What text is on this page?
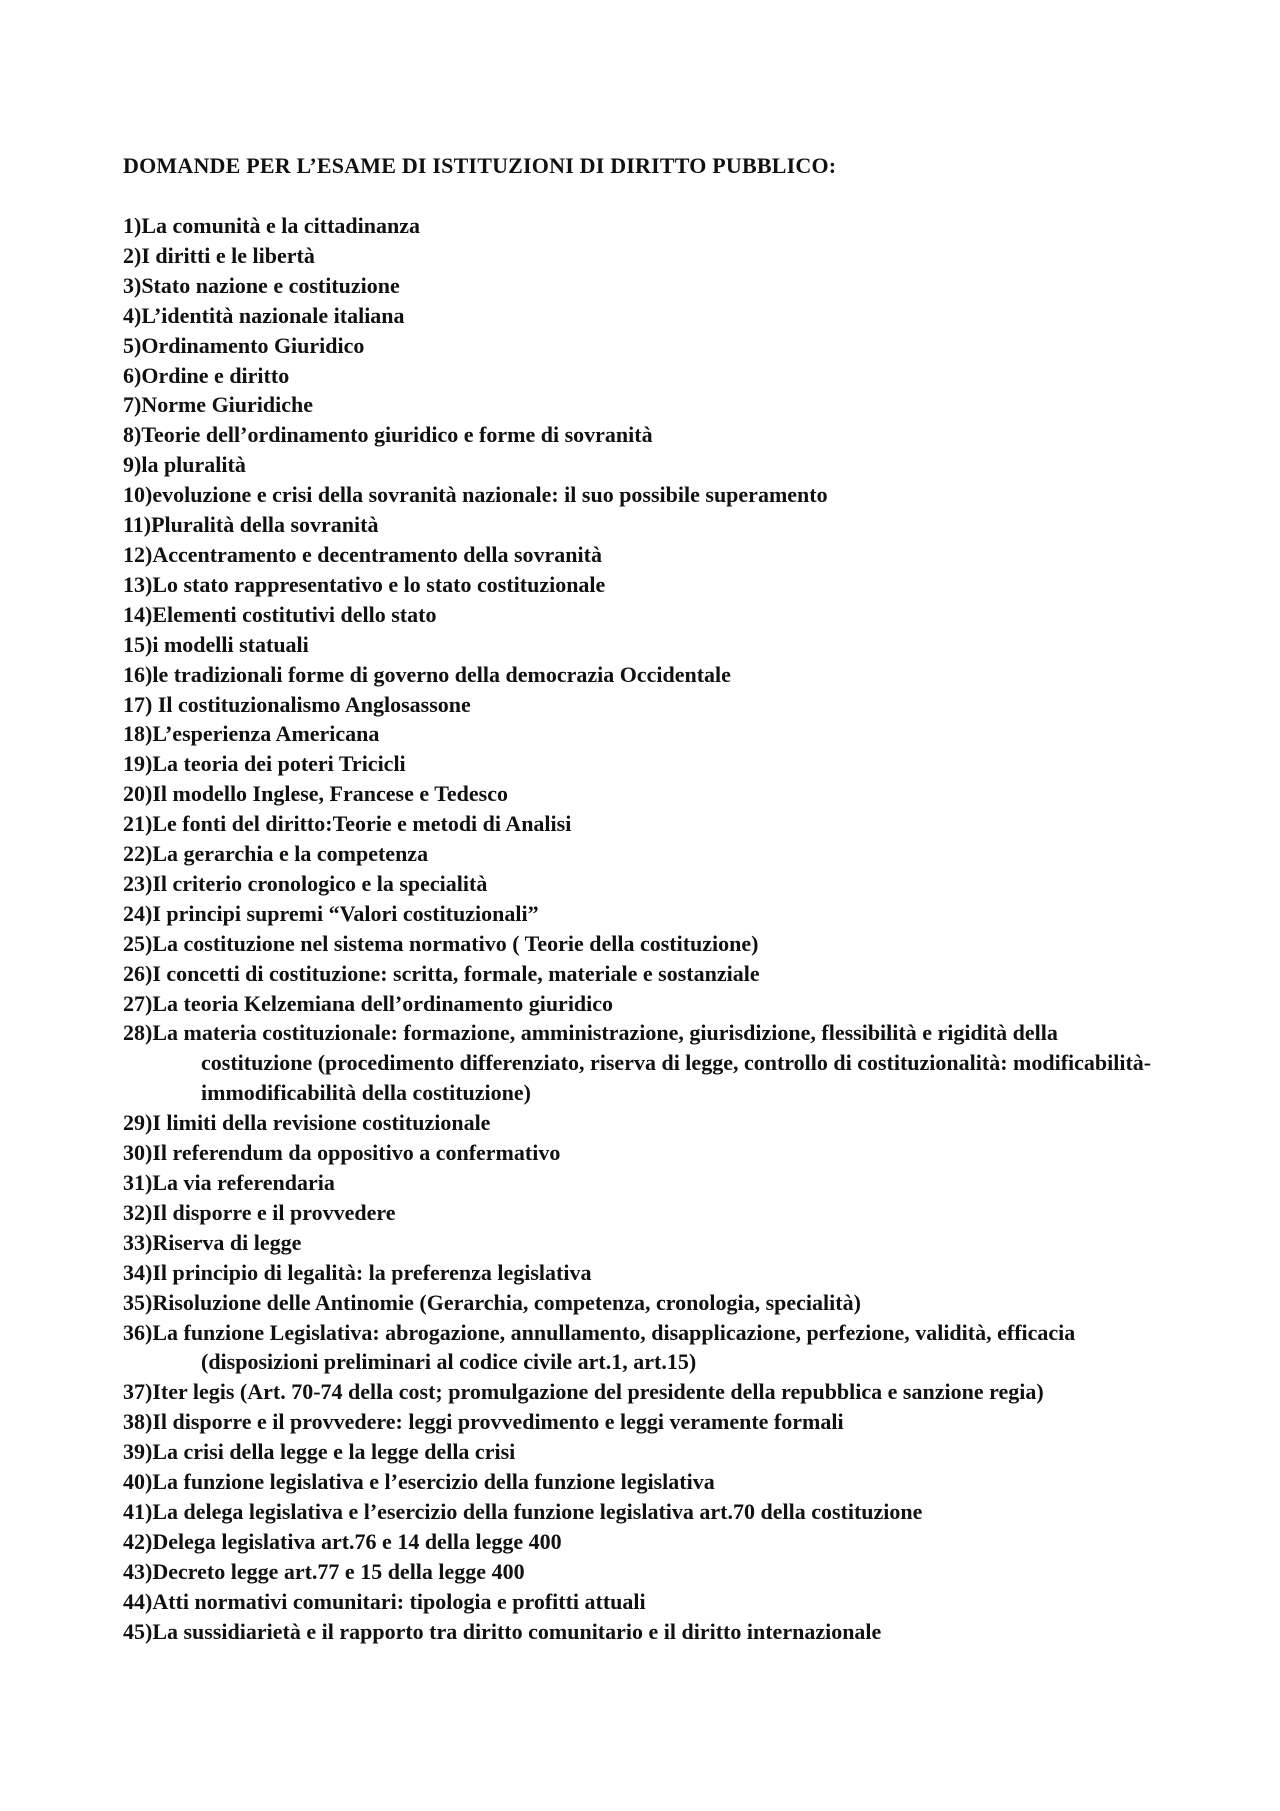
DOMANDE PER L’ESAME DI ISTITUZIONI DI DIRITTO PUBBLICO:
1)La comunità e la cittadinanza
2)I diritti e le libertà
3)Stato nazione e costituzione
4)L’identità nazionale italiana
5)Ordinamento Giuridico
6)Ordine e diritto
7)Norme Giuridiche
8)Teorie dell’ordinamento giuridico e forme di sovranità
9)la pluralità
10)evoluzione e crisi della sovranità nazionale: il suo possibile superamento
11)Pluralità della sovranità
12)Accentramento e decentramento della sovranità
13)Lo stato rappresentativo e lo stato costituzionale
14)Elementi costitutivi dello stato
15)i modelli statuali
16)le tradizionali forme di governo della democrazia Occidentale
17) Il costituzionalismo Anglosassone
18)L’esperienza Americana
19)La teoria dei poteri Tricicli
20)Il modello Inglese, Francese e Tedesco
21)Le fonti del diritto:Teorie e metodi di Analisi
22)La gerarchia e la competenza
23)Il criterio cronologico e la specialità
24)I principi supremi “Valori costituzionali”
25)La costituzione nel sistema normativo ( Teorie della costituzione)
26)I concetti di costituzione: scritta, formale, materiale e sostanziale
27)La teoria Kelzemiana dell’ordinamento giuridico
28)La materia costituzionale: formazione, amministrazione, giurisdizione, flessibilità e rigidità della costituzione (procedimento differenziato, riserva di legge, controllo di costituzionalità: modificabilità-immodificabilità della costituzione)
29)I limiti della revisione costituzionale
30)Il referendum da oppositivo a confermativo
31)La via referendaria
32)Il disporre e il provvedere
33)Riserva di legge
34)Il principio di legalità: la preferenza legislativa
35)Risoluzione delle Antinomie (Gerarchia, competenza, cronologia, specialità)
36)La funzione Legislativa: abrogazione, annullamento, disapplicazione, perfezione, validità, efficacia (disposizioni preliminari al codice civile art.1, art.15)
37)Iter legis (Art. 70-74 della cost; promulgazione del presidente della repubblica e sanzione regia)
38)Il disporre e il provvedere: leggi provvedimento e leggi veramente formali
39)La crisi della legge e la legge della crisi
40)La funzione legislativa e l’esercizio della funzione legislativa
41)La delega legislativa e l’esercizio della funzione legislativa art.70 della costituzione
42)Delega legislativa art.76 e 14 della legge 400
43)Decreto legge art.77 e 15 della legge 400
44)Atti normativi comunitari: tipologia e profitti attuali
45)La sussidiarietà e il rapporto tra diritto comunitario e il diritto internazionale
